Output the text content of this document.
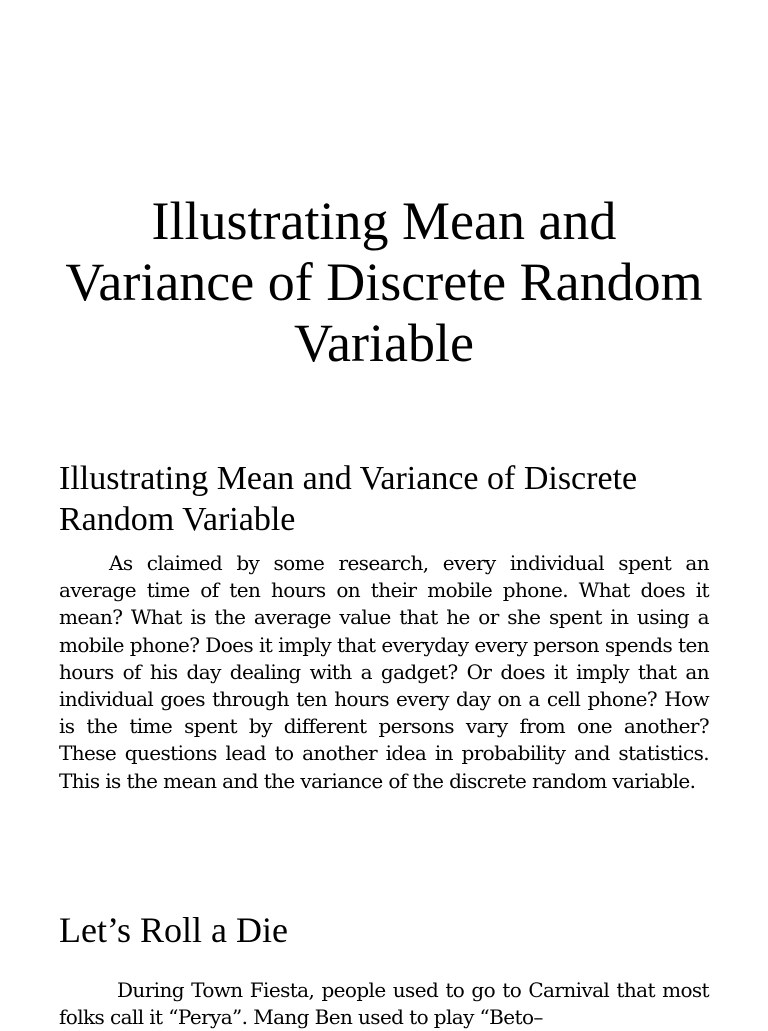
Illustrating Mean and Variance of Discrete Random Variable
Illustrating Mean and Variance of Discrete Random Variable

As claimed by some research, every individual spent an average time of ten hours on their mobile phone. What does it mean? What is the average value that he or she spent in using a mobile phone? Does it imply that everyday every person spends ten hours of his day dealing with a gadget? Or does it imply that an individual goes through ten hours every day on a cell phone? How is the time spent by different persons vary from one another? These questions lead to another idea in probability and statistics. This is the mean and the variance of the discrete random variable.

Let’s Roll a Die

During Town Fiesta, people used to go to Carnival that most folks call it “Perya”. Mang Ben used to play “Beto–
